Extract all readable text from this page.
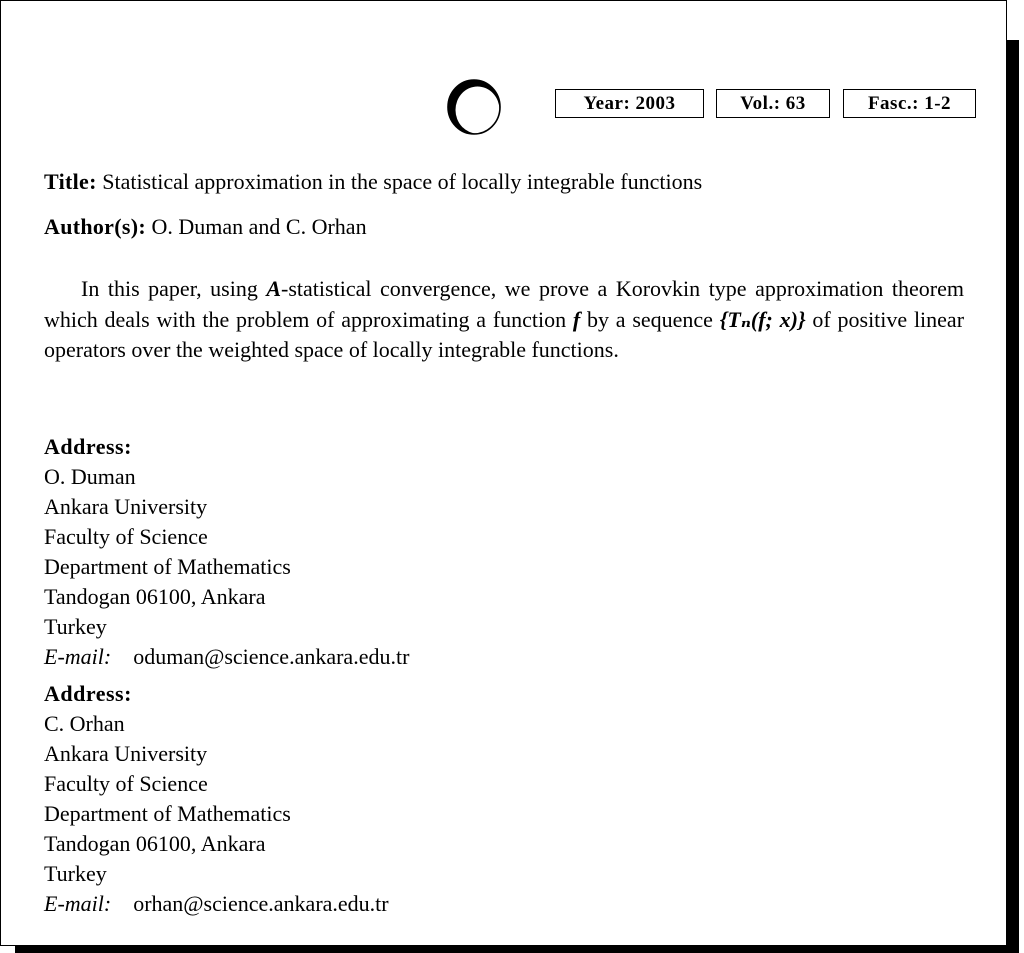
Year: 2003	Vol.: 63	Fasc.: 1-2
Title: Statistical approximation in the space of locally integrable functions
Author(s): O. Duman and C. Orhan
In this paper, using A-statistical convergence, we prove a Korovkin type approximation theorem which deals with the problem of approximating a function f by a sequence {Tₙ(f; x)} of positive linear operators over the weighted space of locally integrable functions.
Address:
O. Duman
Ankara University
Faculty of Science
Department of Mathematics
Tandogan 06100, Ankara
Turkey
E-mail: oduman@science.ankara.edu.tr
Address:
C. Orhan
Ankara University
Faculty of Science
Department of Mathematics
Tandogan 06100, Ankara
Turkey
E-mail: orhan@science.ankara.edu.tr
